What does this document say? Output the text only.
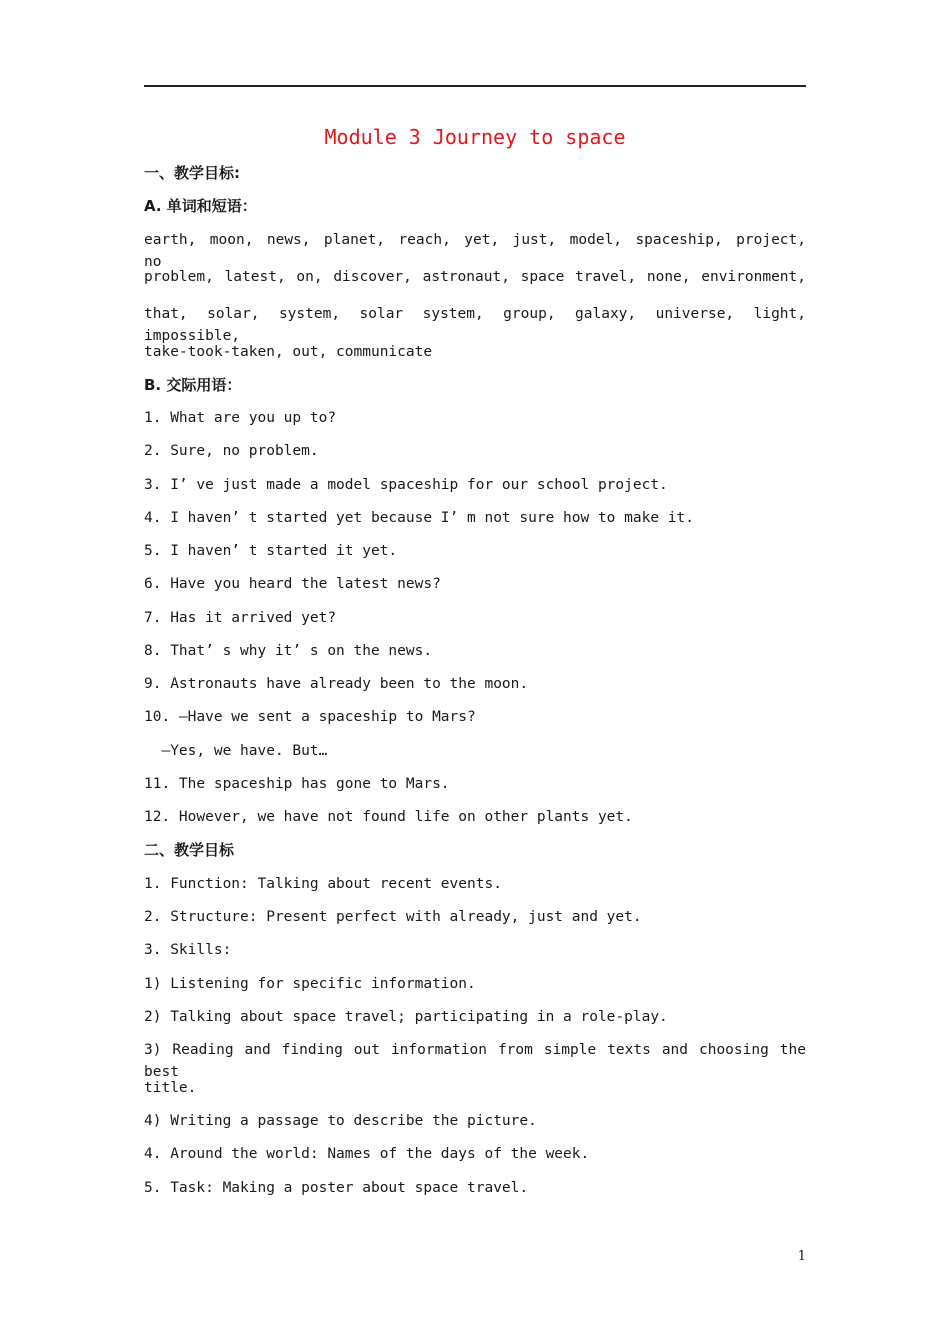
Module 3 Journey to space
一、教学目标:
A. 单词和短语：
earth, moon, news, planet, reach, yet, just, model, spaceship, project, no
problem, latest, on, discover, astronaut, space travel, none, environment,
that, solar, system, solar system, group, galaxy, universe, light, impossible,
take-took-taken, out, communicate
B. 交际用语：
1. What are you up to?
2. Sure, no problem.
3. I’ ve just made a model spaceship for our school project.
4. I haven’ t started yet because I’ m not sure how to make it.
5. I haven’ t started it yet.
6. Have you heard the latest news?
7. Has it arrived yet?
8. That’ s why it’ s on the news.
9. Astronauts have already been to the moon.
10. —Have we sent a spaceship to Mars?
—Yes, we have. But…
11. The spaceship has gone to Mars.
12. However, we have not found life on other plants yet.
二、教学目标
1. Function: Talking about recent events.
2. Structure: Present perfect with already, just and yet.
3. Skills:
1) Listening for specific information.
2) Talking about space travel; participating in a role-play.
3) Reading and finding out information from simple texts and choosing the best
title.
4) Writing a passage to describe the picture.
4. Around the world: Names of the days of the week.
5. Task: Making a poster about space travel.
1
